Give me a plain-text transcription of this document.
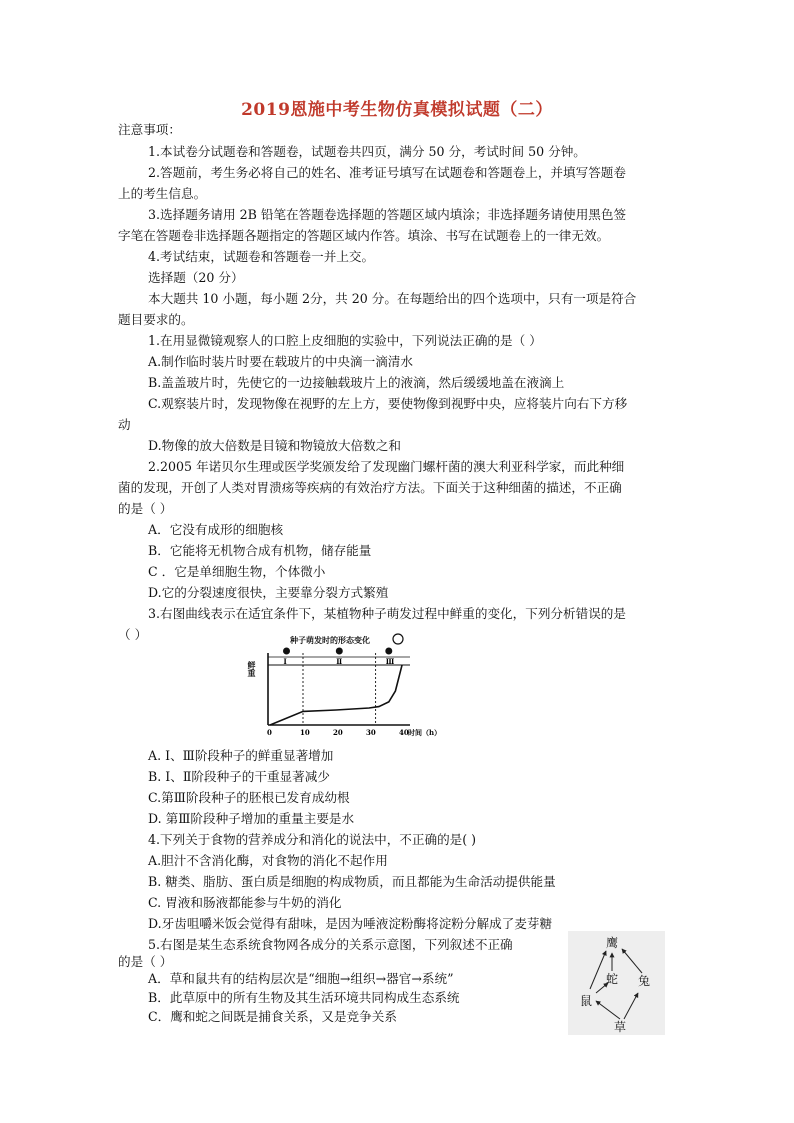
2019恩施中考生物仿真模拟试题（二）
注意事项：
1.本试卷分试题卷和答题卷，试题卷共四页，满分 50 分，考试时间 50 分钟。
2.答题前，考生务必将自己的姓名、准考证号填写在试题卷和答题卷上，并填写答题卷
上的考生信息。
3.选择题务请用 2B 铅笔在答题卷选择题的答题区域内填涂；非选择题务请使用黑色签
字笔在答题卷非选择题各题指定的答题区域内作答。填涂、书写在试题卷上的一律无效。
4.考试结束，试题卷和答题卷一并上交。
选择题（20 分）
本大题共 10 小题，每小题 2分，共 20 分。在每题给出的四个选项中，只有一项是符合
题目要求的。
1.在用显微镜观察人的口腔上皮细胞的实验中，下列说法正确的是（ ）
A.制作临时装片时要在载玻片的中央滴一滴清水
B.盖盖玻片时，先使它的一边接触载玻片上的液滴，然后缓缓地盖在液滴上
C.观察装片时，发现物像在视野的左上方，要使物像到视野中央，应将装片向右下方移
动
D.物像的放大倍数是目镜和物镜放大倍数之和
2.2005 年诺贝尔生理或医学奖颁发给了发现幽门螺杆菌的澳大利亚科学家，而此种细
菌的发现，开创了人类对胃溃疡等疾病的有效治疗方法。下面关于这种细菌的描述，不正确
的是（ ）
A．它没有成形的细胞核
B．它能将无机物合成有机物，储存能量
C ．它是单细胞生物，个体微小
D.它的分裂速度很快，主要靠分裂方式繁殖
3.右图曲线表示在适宜条件下，某植物种子萌发过程中鲜重的变化，下列分析错误的是
（ ）	种子萌发时的形态变化
鲜重	Ⅰ	Ⅱ	Ⅲ
0	10	20	30	40 时间（h）
A. Ⅰ、Ⅲ阶段种子的鲜重显著增加
B. Ⅰ、Ⅱ阶段种子的干重显著减少
C.第Ⅲ阶段种子的胚根已发育成幼根
D. 第Ⅲ阶段种子增加的重量主要是水
4.下列关于食物的营养成分和消化的说法中，不正确的是( )
A.胆汁不含消化酶，对食物的消化不起作用
B. 糖类、脂肪、蛋白质是细胞的构成物质，而且都能为生命活动提供能量
C. 胃液和肠液都能参与牛奶的消化
D.牙齿咀嚼米饭会觉得有甜味，是因为唾液淀粉酶将淀粉分解成了麦芽糖
5.右图是某生态系统食物网各成分的关系示意图，下列叙述不正确
的是（ ）
A．草和鼠共有的结构层次是“细胞→组织→器官→系统”
B．此草原中的所有生物及其生活环境共同构成生态系统
C．鹰和蛇之间既是捕食关系，又是竞争关系
鹰
蛇 兔
鼠
草
